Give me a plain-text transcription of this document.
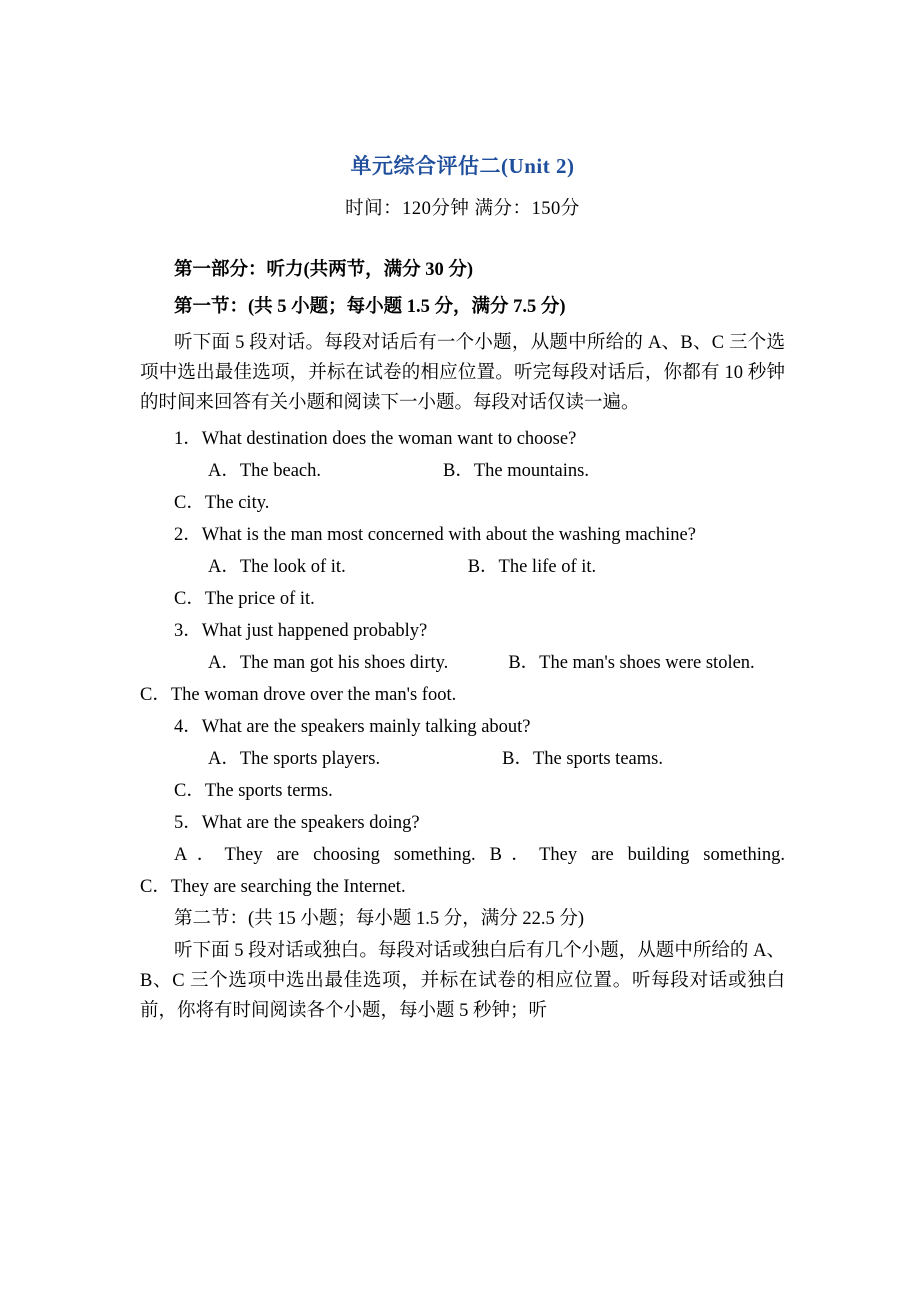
单元综合评估二(Unit 2)
时间：120分钟 满分：150分
第一部分：听力(共两节，满分 30 分)
第一节：(共 5 小题；每小题 1.5 分，满分 7.5 分)
听下面 5 段对话。每段对话后有一个小题，从题中所给的 A、B、C 三个选项中选出最佳选项，并标在试卷的相应位置。听完每段对话后，你都有 10 秒钟的时间来回答有关小题和阅读下一小题。每段对话仅读一遍。
1．What destination does the woman want to choose?
A．The beach.	B．The mountains.
C．The city.
2．What is the man most concerned with about the washing machine?
A．The look of it.	B．The life of it.
C．The price of it.
3．What just happened probably?
A．The man got his shoes dirty.	B．The man's shoes were stolen.
C．The woman drove over the man's foot.
4．What are the speakers mainly talking about?
A．The sports players.	B．The sports teams.
C．The sports terms.
5．What are the speakers doing?
A．They are choosing something. B．They are building something.
C．They are searching the Internet.
第二节：(共 15 小题；每小题 1.5 分，满分 22.5 分)
听下面 5 段对话或独白。每段对话或独白后有几个小题，从题中所给的 A、B、C 三个选项中选出最佳选项，并标在试卷的相应位置。听每段对话或独白前，你将有时间阅读各个小题，每小题 5 秒钟；听
